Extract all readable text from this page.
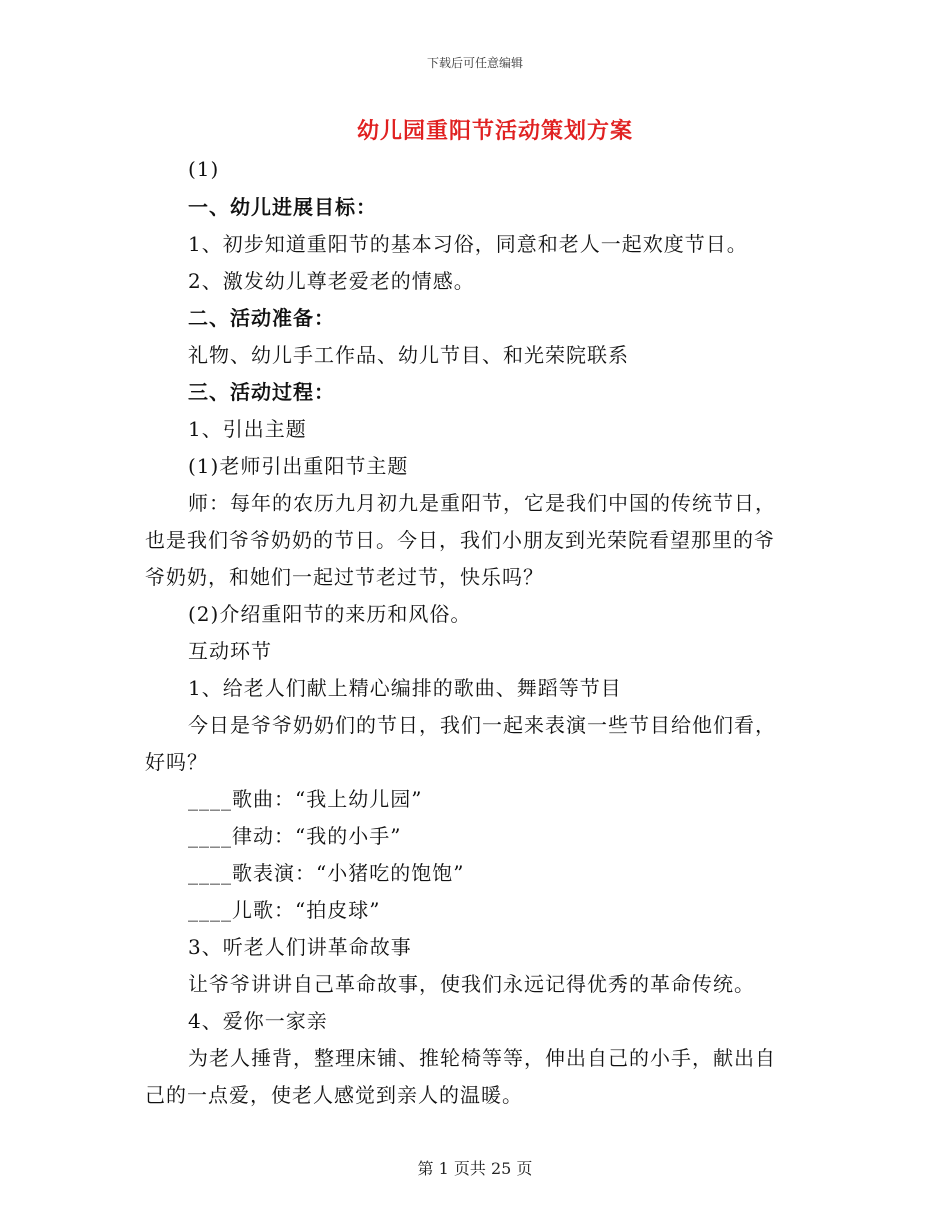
下载后可任意编辑
幼儿园重阳节活动策划方案
(1)
一、幼儿进展目标：
1、初步知道重阳节的基本习俗，同意和老人一起欢度节日。
2、激发幼儿尊老爱老的情感。
二、活动准备：
礼物、幼儿手工作品、幼儿节目、和光荣院联系
三、活动过程：
1、引出主题
(1)老师引出重阳节主题
师：每年的农历九月初九是重阳节，它是我们中国的传统节日，
也是我们爷爷奶奶的节日。今日，我们小朋友到光荣院看望那里的爷
爷奶奶，和她们一起过节老过节，快乐吗？
(2)介绍重阳节的来历和风俗。
互动环节
1、给老人们献上精心编排的歌曲、舞蹈等节目
今日是爷爷奶奶们的节日，我们一起来表演一些节目给他们看，
好吗？
____歌曲：“我上幼儿园”
____律动：“我的小手”
____歌表演：“小猪吃的饱饱”
____儿歌：“拍皮球”
3、听老人们讲革命故事
让爷爷讲讲自己革命故事，使我们永远记得优秀的革命传统。
4、爱你一家亲
为老人捶背，整理床铺、推轮椅等等，伸出自己的小手，献出自
己的一点爱，使老人感觉到亲人的温暖。
第 1 页共 25 页
